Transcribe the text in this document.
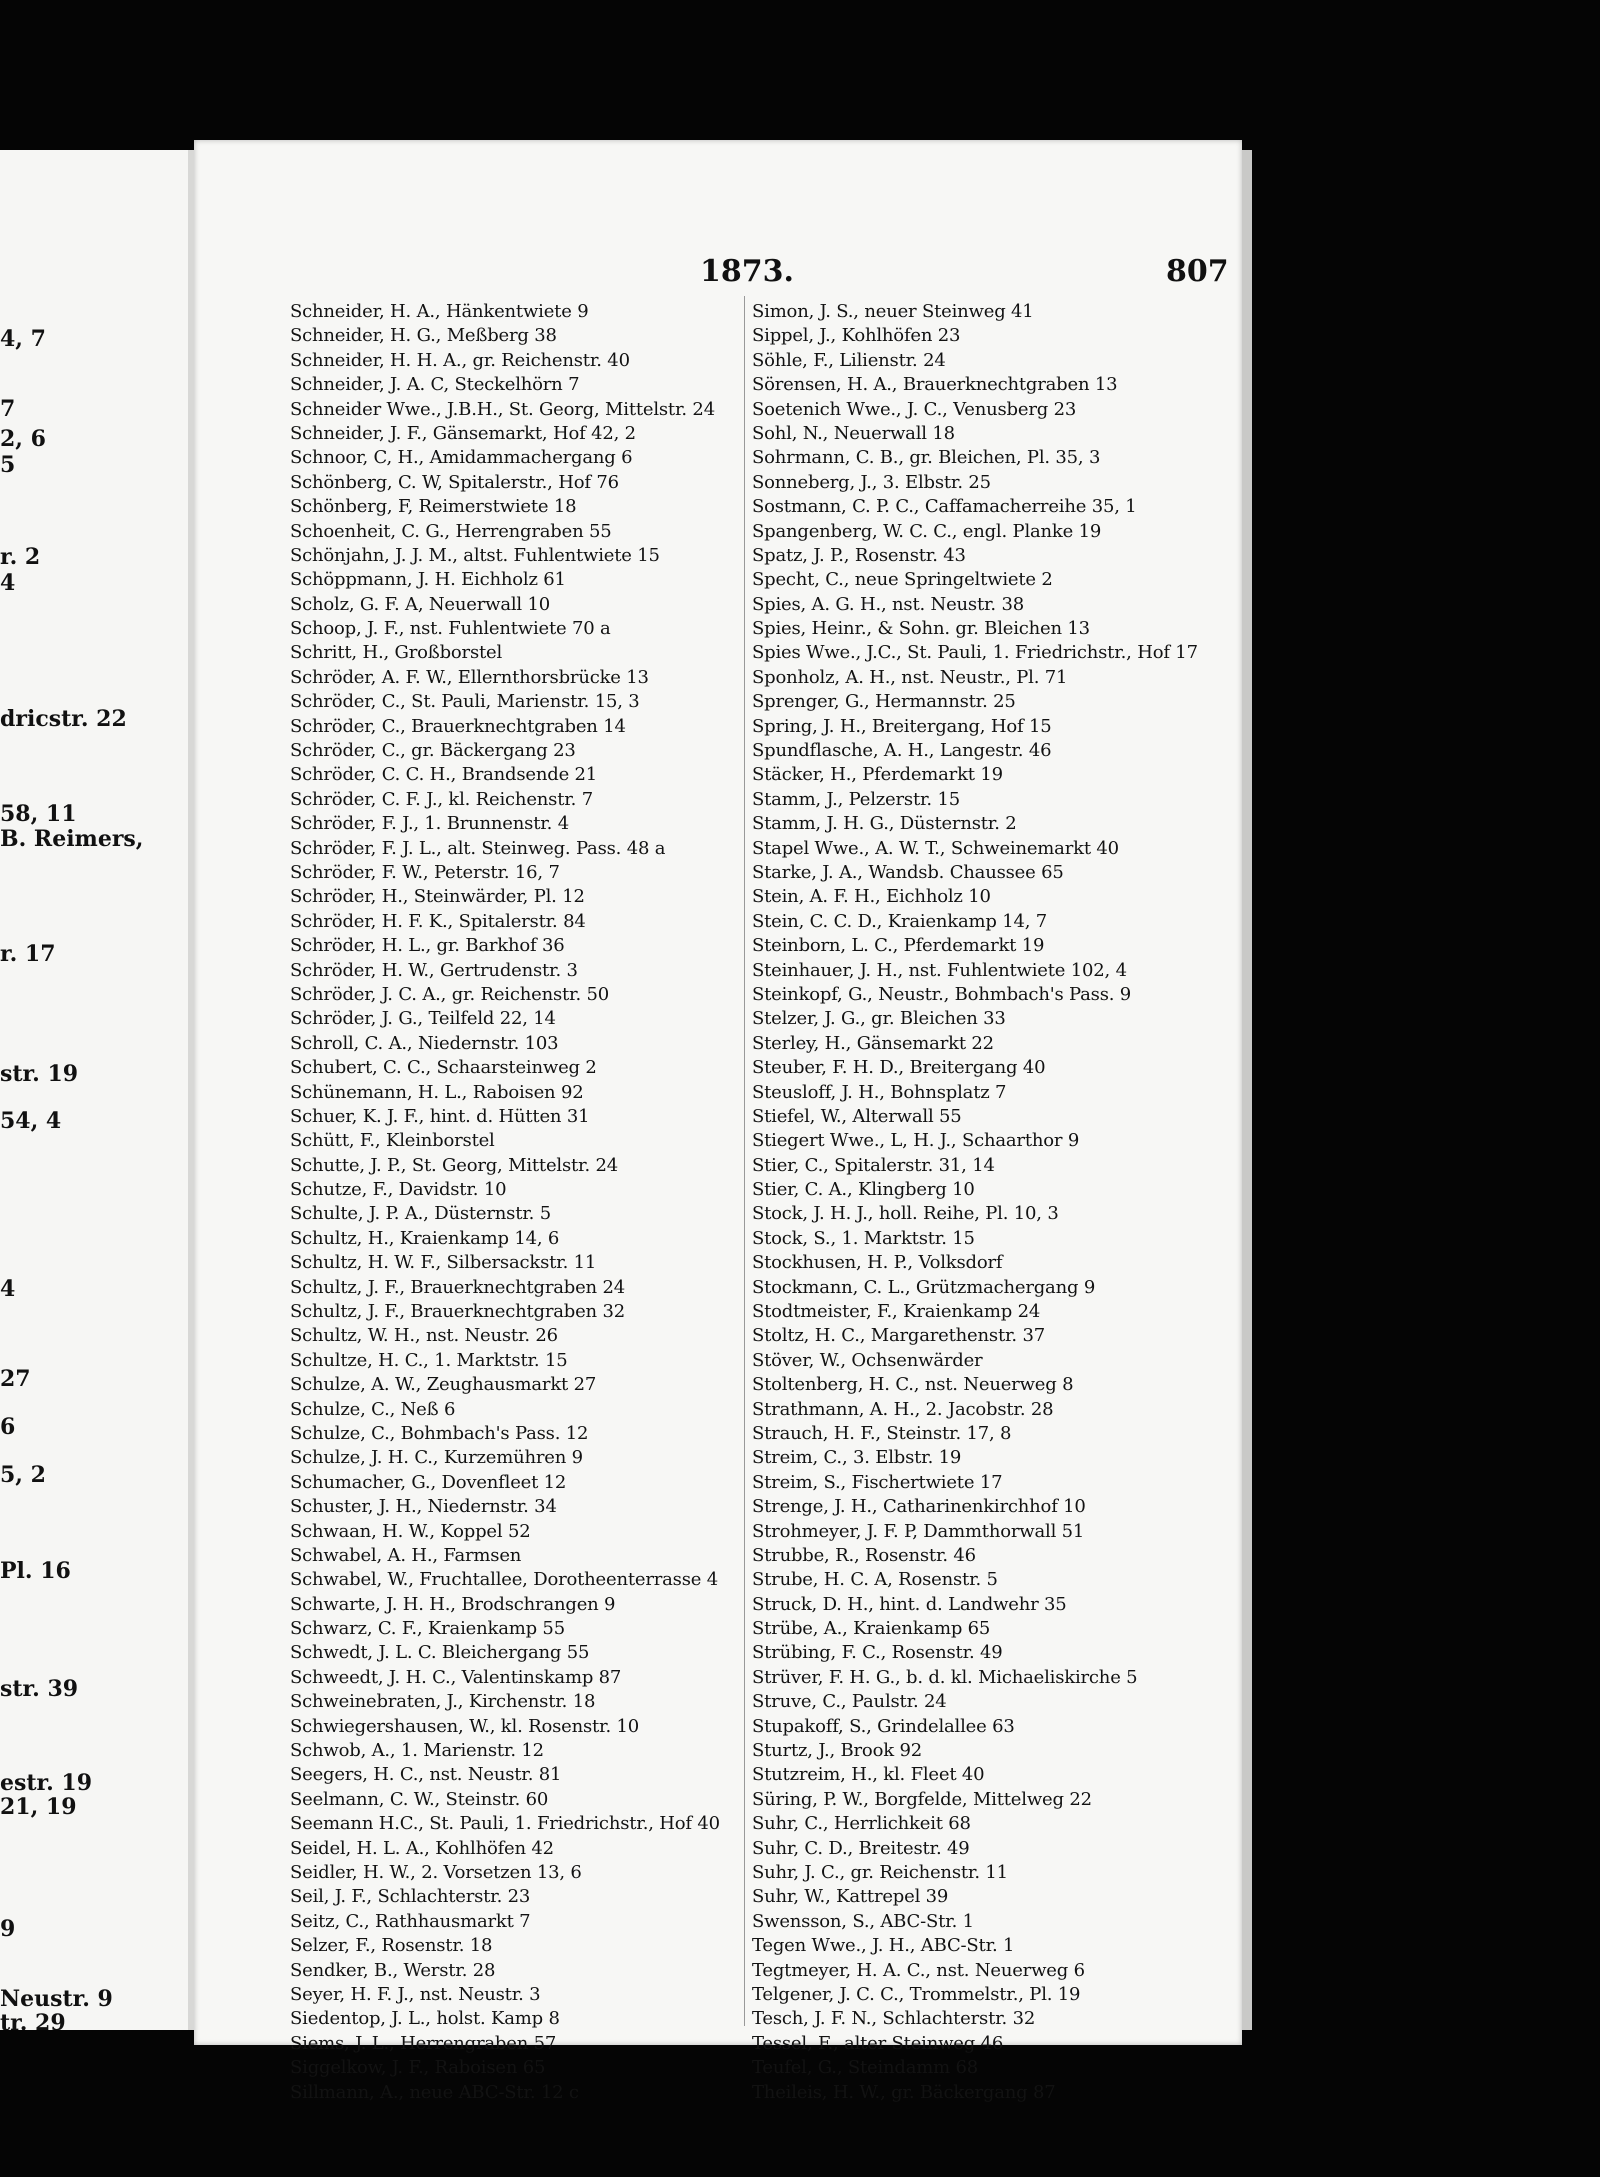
4, 7
7
2, 6
5
r. 2
4
dricstr. 22
58, 11
B. Reimers,
r. 17
str. 19
54, 4
4
27
6
5, 2
Pl. 16
str. 39
estr. 19
21, 19
9
Neustr. 9
tr. 29
1873.	807
Schneider, H. A., Hänkentwiete 9
Schneider, H. G., Meßberg 38
Schneider, H. H. A., gr. Reichenstr. 40
Schneider, J. A. C, Steckelhörn 7
Schneider Wwe., J.B.H., St. Georg, Mittelstr. 24
Schneider, J. F., Gänsemarkt, Hof 42, 2
Schnoor, C, H., Amidammachergang 6
Schönberg, C. W, Spitalerstr., Hof 76
Schönberg, F, Reimerstwiete 18
Schoenheit, C. G., Herrengraben 55
Schönjahn, J. J. M., altst. Fuhlentwiete 15
Schöppmann, J. H. Eichholz 61
Scholz, G. F. A, Neuerwall 10
Schoop, J. F., nst. Fuhlentwiete 70 a
Schritt, H., Großborstel
Schröder, A. F. W., Ellernthorsbrücke 13
Schröder, C., St. Pauli, Marienstr. 15, 3
Schröder, C., Brauerknechtgraben 14
Schröder, C., gr. Bäckergang 23
Schröder, C. C. H., Brandsende 21
Schröder, C. F. J., kl. Reichenstr. 7
Schröder, F. J., 1. Brunnenstr. 4
Schröder, F. J. L., alt. Steinweg. Pass. 48 a
Schröder, F. W., Peterstr. 16, 7
Schröder, H., Steinwärder, Pl. 12
Schröder, H. F. K., Spitalerstr. 84
Schröder, H. L., gr. Barkhof 36
Schröder, H. W., Gertrudenstr. 3
Schröder, J. C. A., gr. Reichenstr. 50
Schröder, J. G., Teilfeld 22, 14
Schroll, C. A., Niedernstr. 103
Schubert, C. C., Schaarsteinweg 2
Schünemann, H. L., Raboisen 92
Schuer, K. J. F., hint. d. Hütten 31
Schütt, F., Kleinborstel
Schutte, J. P., St. Georg, Mittelstr. 24
Schutze, F., Davidstr. 10
Schulte, J. P. A., Düsternstr. 5
Schultz, H., Kraienkamp 14, 6
Schultz, H. W. F., Silbersackstr. 11
Schultz, J. F., Brauerknechtgraben 24
Schultz, J. F., Brauerknechtgraben 32
Schultz, W. H., nst. Neustr. 26
Schultze, H. C., 1. Marktstr. 15
Schulze, A. W., Zeughausmarkt 27
Schulze, C., Neß 6
Schulze, C., Bohmbach's Pass. 12
Schulze, J. H. C., Kurzemühren 9
Schumacher, G., Dovenfleet 12
Schuster, J. H., Niedernstr. 34
Schwaan, H. W., Koppel 52
Schwabel, A. H., Farmsen
Schwabel, W., Fruchtallee, Dorotheenterrasse 4
Schwarte, J. H. H., Brodschrangen 9
Schwarz, C. F., Kraienkamp 55
Schwedt, J. L. C. Bleichergang 55
Schweedt, J. H. C., Valentinskamp 87
Schweinebraten, J., Kirchenstr. 18
Schwiegershausen, W., kl. Rosenstr. 10
Schwob, A., 1. Marienstr. 12
Seegers, H. C., nst. Neustr. 81
Seelmann, C. W., Steinstr. 60
Seemann H.C., St. Pauli, 1. Friedrichstr., Hof 40
Seidel, H. L. A., Kohlhöfen 42
Seidler, H. W., 2. Vorsetzen 13, 6
Seil, J. F., Schlachterstr. 23
Seitz, C., Rathhausmarkt 7
Selzer, F., Rosenstr. 18
Sendker, B., Werstr. 28
Seyer, H. F. J., nst. Neustr. 3
Siedentop, J. L., holst. Kamp 8
Siems, J. L., Herrengraben 57
Siggelkow, J. F., Raboisen 65
Sillmann, A., neue ABC-Str. 12 c
Simon, J. S., neuer Steinweg 41
Sippel, J., Kohlhöfen 23
Söhle, F., Lilienstr. 24
Sörensen, H. A., Brauerknechtgraben 13
Soetenich Wwe., J. C., Venusberg 23
Sohl, N., Neuerwall 18
Sohrmann, C. B., gr. Bleichen, Pl. 35, 3
Sonneberg, J., 3. Elbstr. 25
Sostmann, C. P. C., Caffamacherreihe 35, 1
Spangenberg, W. C. C., engl. Planke 19
Spatz, J. P., Rosenstr. 43
Specht, C., neue Springeltwiete 2
Spies, A. G. H., nst. Neustr. 38
Spies, Heinr., & Sohn. gr. Bleichen 13
Spies Wwe., J.C., St. Pauli, 1. Friedrichstr., Hof 17
Sponholz, A. H., nst. Neustr., Pl. 71
Sprenger, G., Hermannstr. 25
Spring, J. H., Breitergang, Hof 15
Spundflasche, A. H., Langestr. 46
Stäcker, H., Pferdemarkt 19
Stamm, J., Pelzerstr. 15
Stamm, J. H. G., Düsternstr. 2
Stapel Wwe., A. W. T., Schweinemarkt 40
Starke, J. A., Wandsb. Chaussee 65
Stein, A. F. H., Eichholz 10
Stein, C. C. D., Kraienkamp 14, 7
Steinborn, L. C., Pferdemarkt 19
Steinhauer, J. H., nst. Fuhlentwiete 102, 4
Steinkopf, G., Neustr., Bohmbach's Pass. 9
Stelzer, J. G., gr. Bleichen 33
Sterley, H., Gänsemarkt 22
Steuber, F. H. D., Breitergang 40
Steusloff, J. H., Bohnsplatz 7
Stiefel, W., Alterwall 55
Stiegert Wwe., L, H. J., Schaarthor 9
Stier, C., Spitalerstr. 31, 14
Stier, C. A., Klingberg 10
Stock, J. H. J., holl. Reihe, Pl. 10, 3
Stock, S., 1. Marktstr. 15
Stockhusen, H. P., Volksdorf
Stockmann, C. L., Grützmachergang 9
Stodtmeister, F., Kraienkamp 24
Stoltz, H. C., Margarethenstr. 37
Stöver, W., Ochsenwärder
Stoltenberg, H. C., nst. Neuerweg 8
Strathmann, A. H., 2. Jacobstr. 28
Strauch, H. F., Steinstr. 17, 8
Streim, C., 3. Elbstr. 19
Streim, S., Fischertwiete 17
Strenge, J. H., Catharinenkirchhof 10
Strohmeyer, J. F. P, Dammthorwall 51
Strubbe, R., Rosenstr. 46
Strube, H. C. A, Rosenstr. 5
Struck, D. H., hint. d. Landwehr 35
Strübe, A., Kraienkamp 65
Strübing, F. C., Rosenstr. 49
Strüver, F. H. G., b. d. kl. Michaeliskirche 5
Struve, C., Paulstr. 24
Stupakoff, S., Grindelallee 63
Sturtz, J., Brook 92
Stutzreim, H., kl. Fleet 40
Süring, P. W., Borgfelde, Mittelweg 22
Suhr, C., Herrlichkeit 68
Suhr, C. D., Breitestr. 49
Suhr, J. C., gr. Reichenstr. 11
Suhr, W., Kattrepel 39
Swensson, S., ABC-Str. 1
Tegen Wwe., J. H., ABC-Str. 1
Tegtmeyer, H. A. C., nst. Neuerweg 6
Telgener, J. C. C., Trommelstr., Pl. 19
Tesch, J. F. N., Schlachterstr. 32
Tessel, F., alter Steinweg 46
Teufel, G., Steindamm 68
Theileis, H. W., gr. Bäckergang 87
